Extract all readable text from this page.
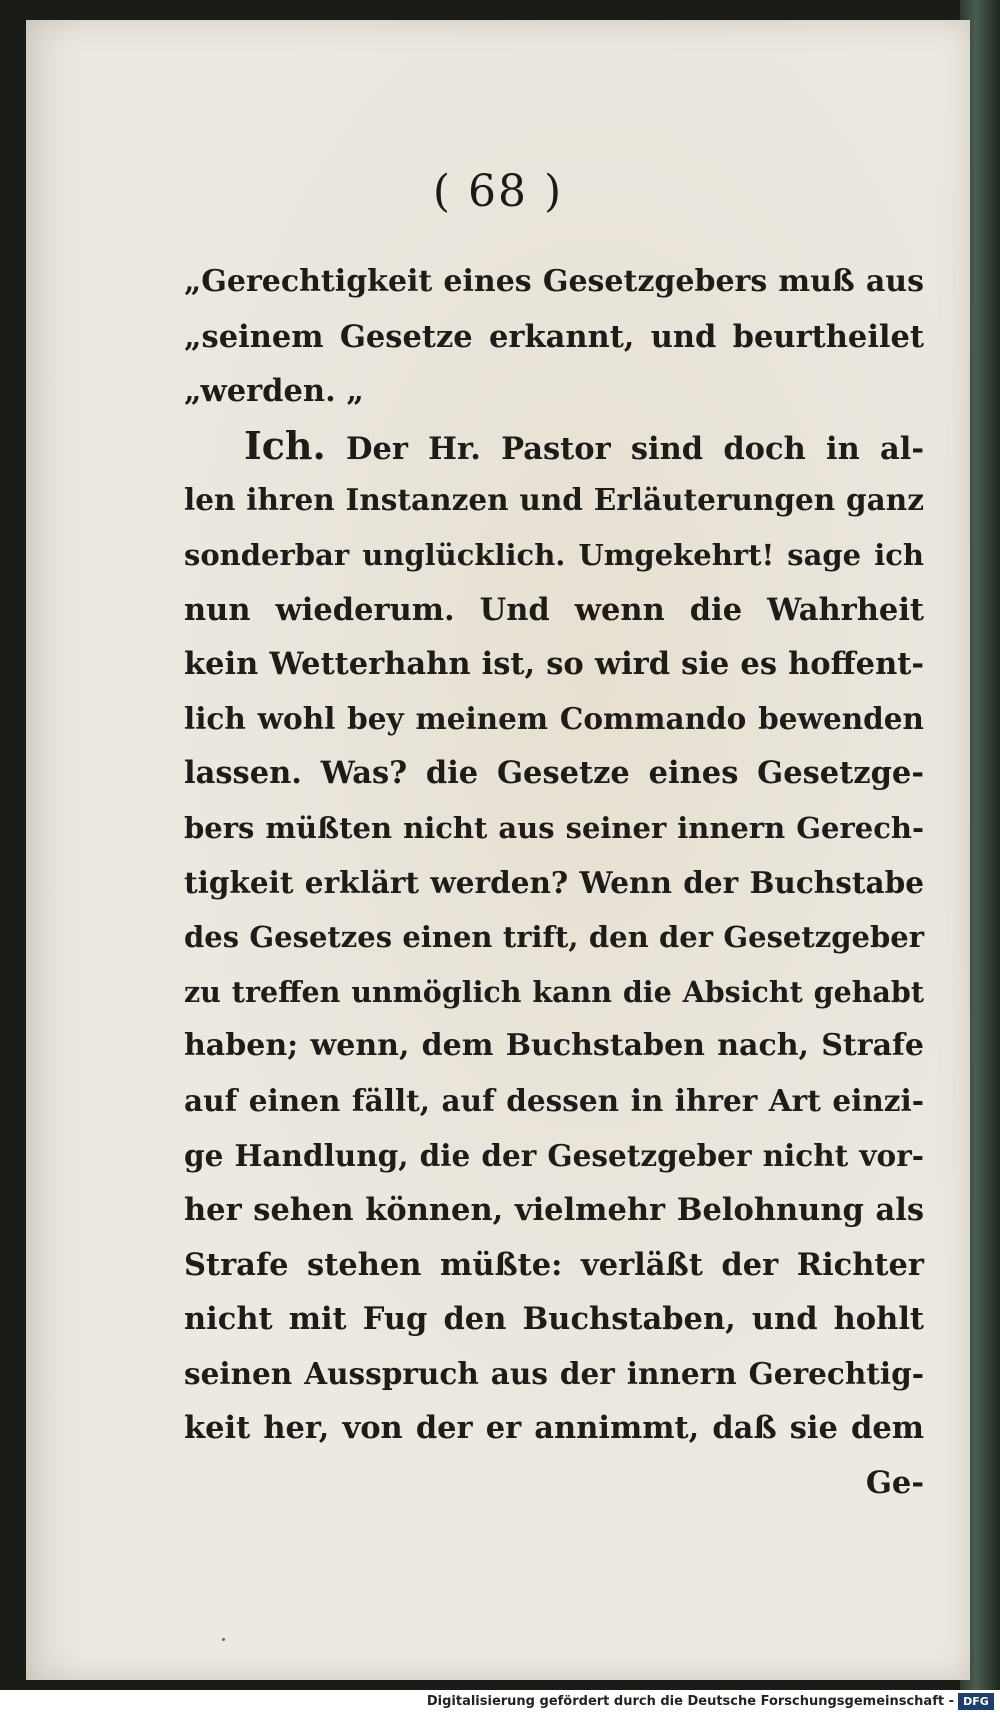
( 68 )
„Gerechtigkeit eines Gesetzgebers muß aus
„seinem Gesetze erkannt, und beurtheilet
„werden. „
Ich. Der Hr. Pastor sind doch in al-
len ihren Instanzen und Erläuterungen ganz
sonderbar unglücklich. Umgekehrt! sage ich
nun wiederum. Und wenn die Wahrheit
kein Wetterhahn ist, so wird sie es hoffent-
lich wohl bey meinem Commando bewenden
lassen. Was? die Gesetze eines Gesetzge-
bers müßten nicht aus seiner innern Gerech-
tigkeit erklärt werden? Wenn der Buchstabe
des Gesetzes einen trift, den der Gesetzgeber
zu treffen unmöglich kann die Absicht gehabt
haben; wenn, dem Buchstaben nach, Strafe
auf einen fällt, auf dessen in ihrer Art einzi-
ge Handlung, die der Gesetzgeber nicht vor-
her sehen können, vielmehr Belohnung als
Strafe stehen müßte: verläßt der Richter
nicht mit Fug den Buchstaben, und hohlt
seinen Ausspruch aus der innern Gerechtig-
keit her, von der er annimmt, daß sie dem
Ge-
Digitalisierung gefördert durch die Deutsche Forschungsgemeinschaft - DFG
